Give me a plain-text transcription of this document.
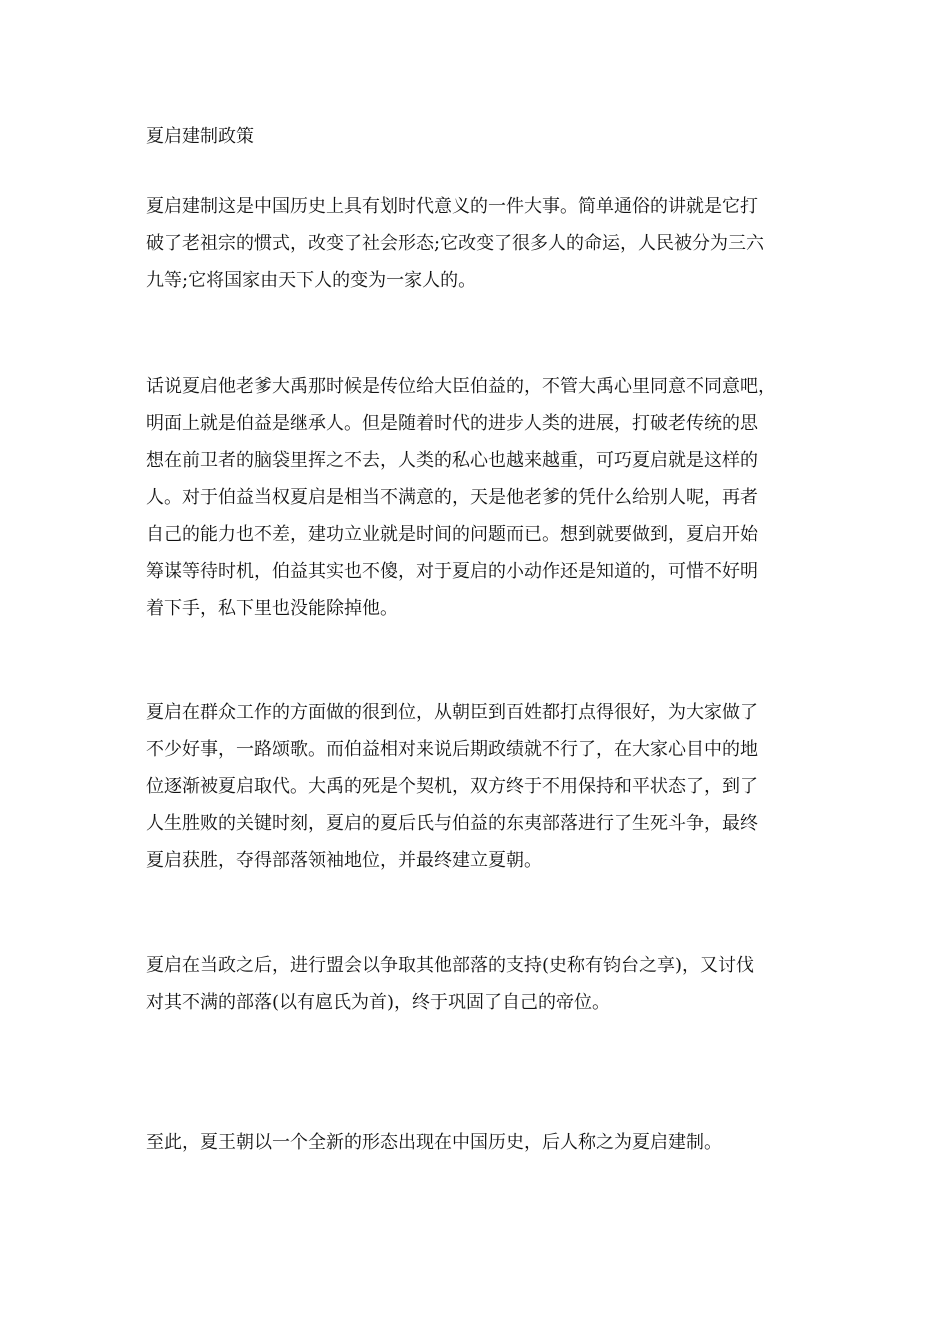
夏启建制政策
夏启建制这是中国历史上具有划时代意义的一件大事。简单通俗的讲就是它打
破了老祖宗的惯式，改变了社会形态;它改变了很多人的命运，人民被分为三六
九等;它将国家由天下人的变为一家人的。
话说夏启他老爹大禹那时候是传位给大臣伯益的，不管大禹心里同意不同意吧，
明面上就是伯益是继承人。但是随着时代的进步人类的进展，打破老传统的思
想在前卫者的脑袋里挥之不去，人类的私心也越来越重，可巧夏启就是这样的
人。对于伯益当权夏启是相当不满意的，天是他老爹的凭什么给别人呢，再者
自己的能力也不差，建功立业就是时间的问题而已。想到就要做到，夏启开始
筹谋等待时机，伯益其实也不傻，对于夏启的小动作还是知道的，可惜不好明
着下手，私下里也没能除掉他。
夏启在群众工作的方面做的很到位，从朝臣到百姓都打点得很好，为大家做了
不少好事，一路颂歌。而伯益相对来说后期政绩就不行了，在大家心目中的地
位逐渐被夏启取代。大禹的死是个契机，双方终于不用保持和平状态了，到了
人生胜败的关键时刻，夏启的夏后氏与伯益的东夷部落进行了生死斗争，最终
夏启获胜，夺得部落领袖地位，并最终建立夏朝。
夏启在当政之后，进行盟会以争取其他部落的支持(史称有钧台之享)，又讨伐
对其不满的部落(以有扈氏为首)，终于巩固了自己的帝位。
至此，夏王朝以一个全新的形态出现在中国历史，后人称之为夏启建制。
